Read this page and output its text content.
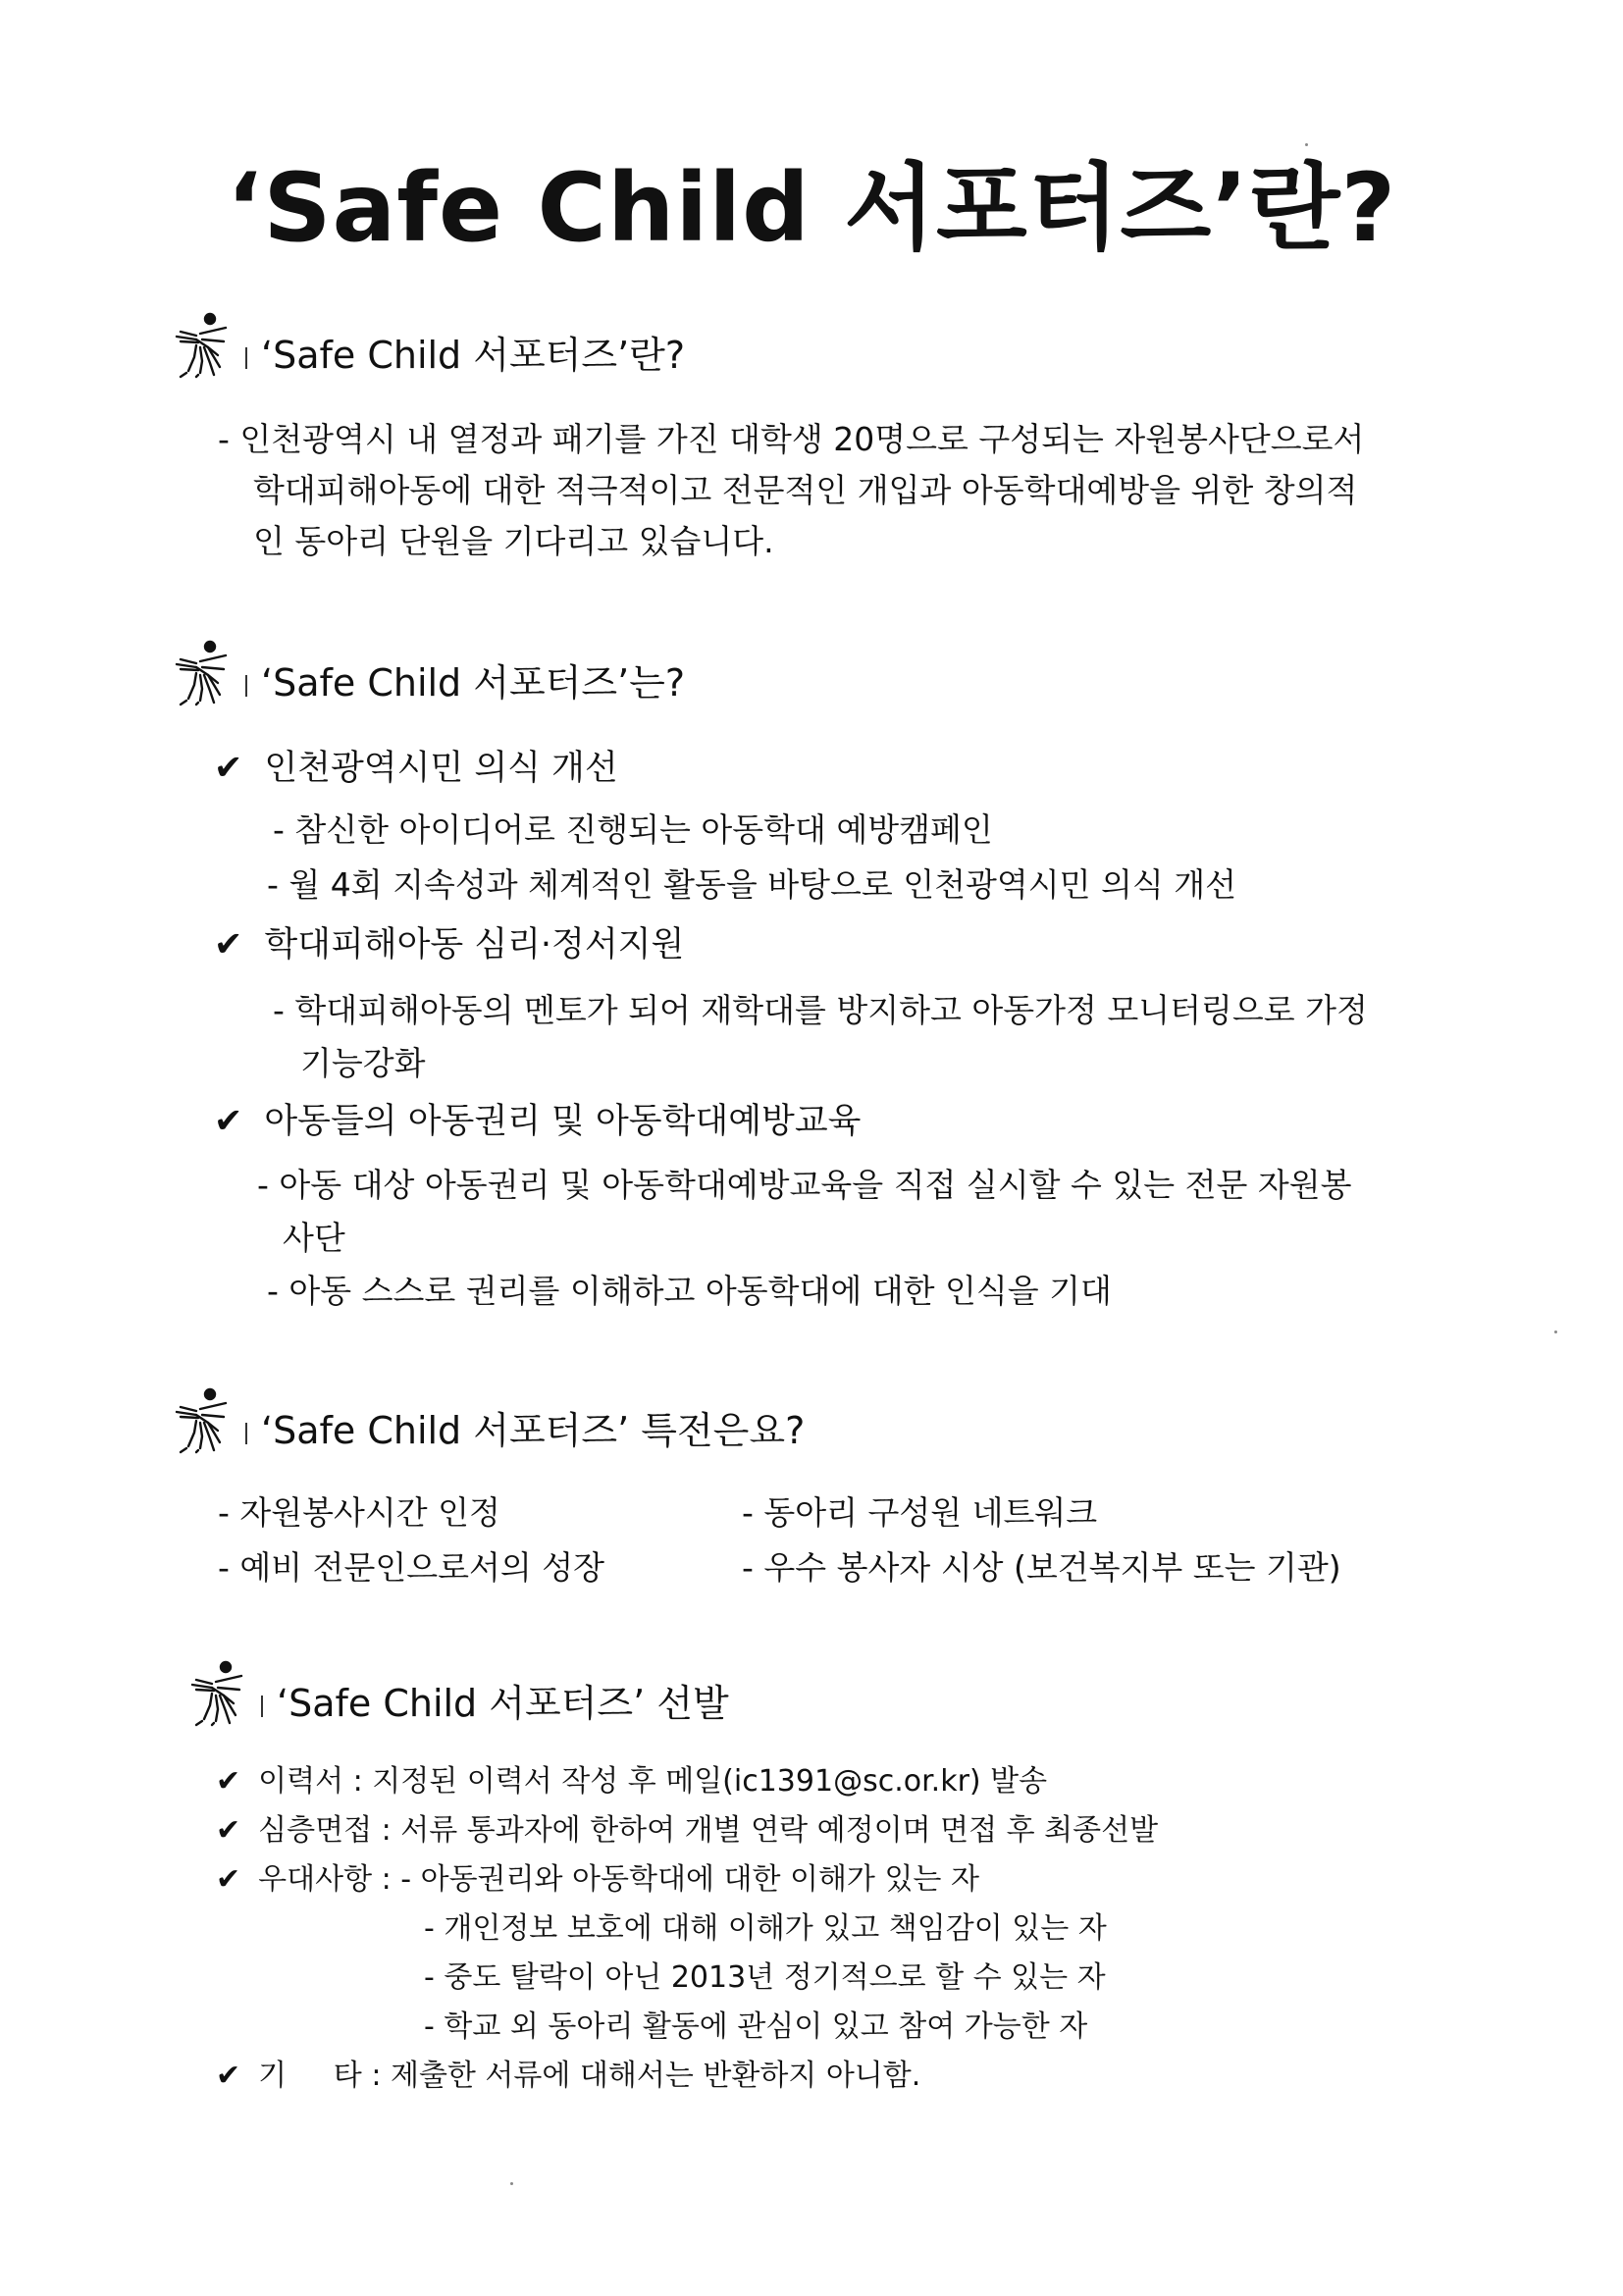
‘Safe Child 서포터즈’란?
‘Safe Child 서포터즈’란?
- 인천광역시 내 열정과 패기를 가진 대학생 20명으로 구성되는 자원봉사단으로서
학대피해아동에 대한 적극적이고 전문적인 개입과 아동학대예방을 위한 창의적
인 동아리 단원을 기다리고 있습니다.
‘Safe Child 서포터즈’는?
✔ 인천광역시민 의식 개선
- 참신한 아이디어로 진행되는 아동학대 예방캠페인
- 월 4회 지속성과 체계적인 활동을 바탕으로 인천광역시민 의식 개선
✔ 학대피해아동 심리·정서지원
- 학대피해아동의 멘토가 되어 재학대를 방지하고 아동가정 모니터링으로 가정
기능강화
✔ 아동들의 아동권리 및 아동학대예방교육
- 아동 대상 아동권리 및 아동학대예방교육을 직접 실시할 수 있는 전문 자원봉
사단
- 아동 스스로 권리를 이해하고 아동학대에 대한 인식을 기대
‘Safe Child 서포터즈’ 특전은요?
- 자원봉사시간 인정	- 동아리 구성원 네트워크
- 예비 전문인으로서의 성장	- 우수 봉사자 시상 (보건복지부 또는 기관)
‘Safe Child 서포터즈’ 선발
✔ 이력서 : 지정된 이력서 작성 후 메일(ic1391@sc.or.kr) 발송
✔ 심층면접 : 서류 통과자에 한하여 개별 연락 예정이며 면접 후 최종선발
✔ 우대사항 : - 아동권리와 아동학대에 대한 이해가 있는 자
- 개인정보 보호에 대해 이해가 있고 책임감이 있는 자
- 중도 탈락이 아닌 2013년 정기적으로 할 수 있는 자
- 학교 외 동아리 활동에 관심이 있고 참여 가능한 자
✔ 기     타 : 제출한 서류에 대해서는 반환하지 아니함.
